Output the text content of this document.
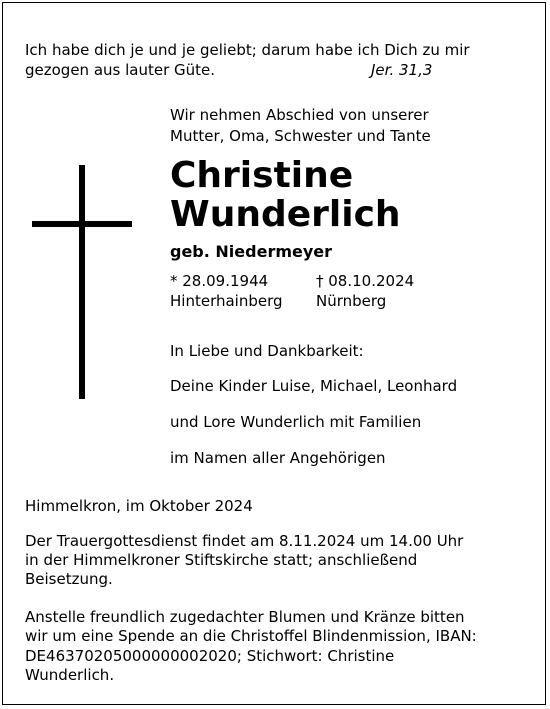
Ich habe dich je und je geliebt; darum habe ich Dich zu mir
gezogen aus lauter Güte.	Jer. 31,3
Wir nehmen Abschied von unserer
Mutter, Oma, Schwester und Tante
Christine
Wunderlich
geb. Niedermeyer
* 28.09.1944
Hinterhainberg
† 08.10.2024
Nürnberg
In Liebe und Dankbarkeit:
Deine Kinder Luise, Michael, Leonhard
und Lore Wunderlich mit Familien
im Namen aller Angehörigen
Himmelkron, im Oktober 2024
Der Trauergottesdienst findet am 8.11.2024 um 14.00 Uhr
in der Himmelkroner Stiftskirche statt; anschließend
Beisetzung.
Anstelle freundlich zugedachter Blumen und Kränze bitten
wir um eine Spende an die Christoffel Blindenmission, IBAN:
DE46370205000000002020; Stichwort: Christine
Wunderlich.
